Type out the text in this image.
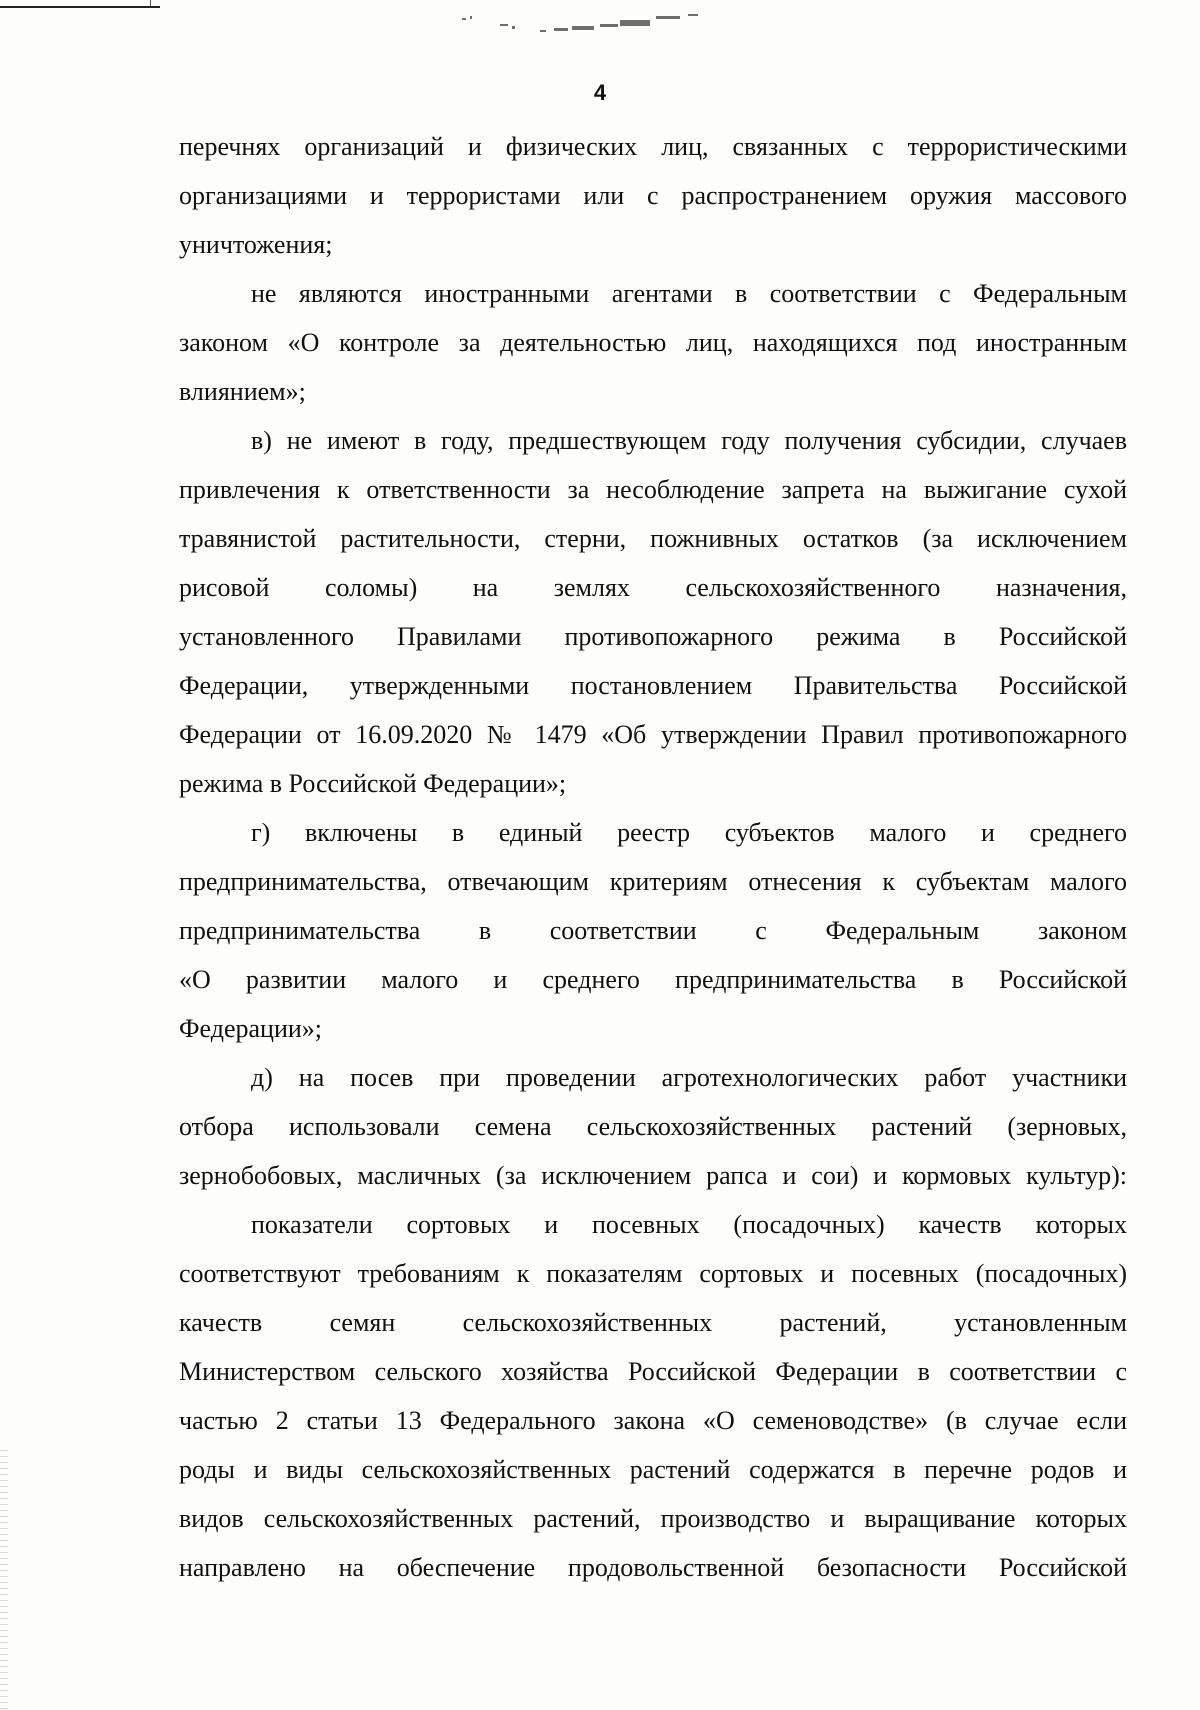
4
перечнях организаций и физических лиц, связанных с террористическими
организациями и террористами или с распространением оружия массового
уничтожения;
не являются иностранными агентами в соответствии с Федеральным
законом «О контроле за деятельностью лиц, находящихся под иностранным
влиянием»;
в) не имеют в году, предшествующем году получения субсидии, случаев
привлечения к ответственности за несоблюдение запрета на выжигание сухой
травянистой растительности, стерни, пожнивных остатков (за исключением
рисовой соломы) на землях сельскохозяйственного назначения,
установленного Правилами противопожарного режима в Российской
Федерации, утвержденными постановлением Правительства Российской
Федерации от 16.09.2020 № 1479 «Об утверждении Правил противопожарного
режима в Российской Федерации»;
г) включены в единый реестр субъектов малого и среднего
предпринимательства, отвечающим критериям отнесения к субъектам малого
предпринимательства в соответствии с Федеральным законом
«О развитии малого и среднего предпринимательства в Российской
Федерации»;
д) на посев при проведении агротехнологических работ участники
отбора использовали семена сельскохозяйственных растений (зерновых,
зернобобовых, масличных (за исключением рапса и сои) и кормовых культур):
показатели сортовых и посевных (посадочных) качеств которых
соответствуют требованиям к показателям сортовых и посевных (посадочных)
качеств семян сельскохозяйственных растений, установленным
Министерством сельского хозяйства Российской Федерации в соответствии с
частью 2 статьи 13 Федерального закона «О семеноводстве» (в случае если
роды и виды сельскохозяйственных растений содержатся в перечне родов и
видов сельскохозяйственных растений, производство и выращивание которых
направлено на обеспечение продовольственной безопасности Российской
